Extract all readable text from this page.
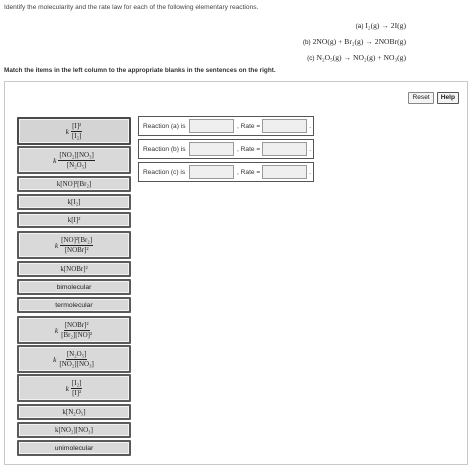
Identify the molecularity and the rate law for each of the following elementary reactions.
(a) I₂(g) → 2I(g)
(b) 2NO(g) + Br₂(g) → 2NOBr(g)
(c) N₂O₅(g) → NO₂(g) + NO₃(g)
Match the items in the left column to the appropriate blanks in the sentences on the right.
Reset	Help
k $\frac{\text{[I]²}}{\text{[I₂]}}$
k $\frac{\text{[NO₂][NO₃]}}{\text{[N₂O₅]}}$
k[NO]²[Br₂]
k[I₂]
k[I]²
k $\frac{\text{[NO]²[Br₂]}}{\text{[NOBr]²}}$
k[NOBr]²
bimolecular
termolecular
k $\frac{\text{[NOBr]²}}{\text{[Br₂][NO]²}}$
k $\frac{\text{[N₂O₅]}}{\text{[NO₂][NO₃]}}$
k $\frac{\text{[I₂]}}{\text{[I]²}}$
k[N₂O₅]
k[NO₂][NO₃]
unimolecular
Reaction (a) is	, Rate =	.
Reaction (b) is	, Rate =	.
Reaction (c) is	, Rate =	.
